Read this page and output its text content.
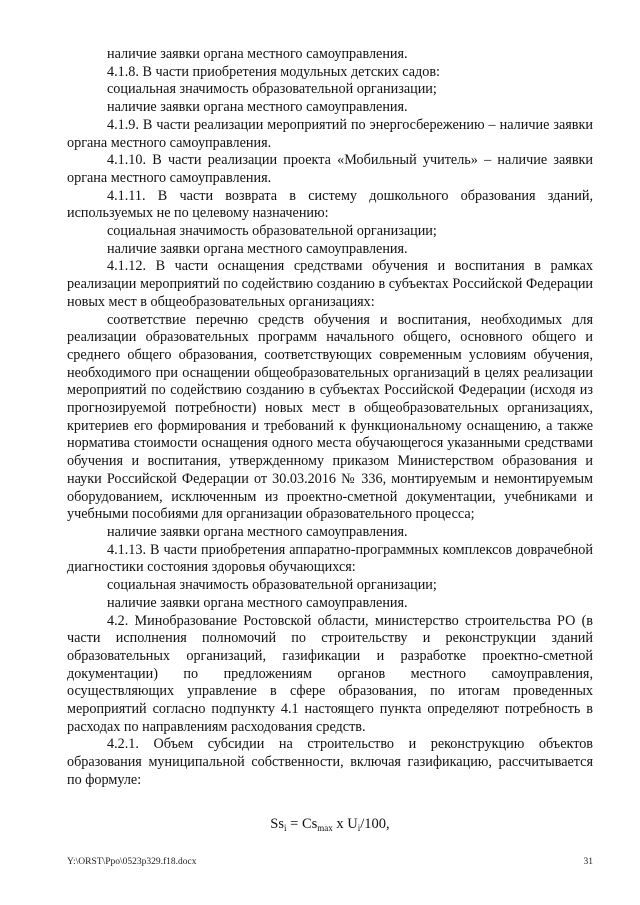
наличие заявки органа местного самоуправления.

4.1.8. В части приобретения модульных детских садов:

социальная значимость образовательной организации;

наличие заявки органа местного самоуправления.

4.1.9. В части реализации мероприятий по энергосбережению – наличие заявки органа местного самоуправления.

4.1.10. В части реализации проекта «Мобильный учитель» – наличие заявки органа местного самоуправления.

4.1.11. В части возврата в систему дошкольного образования зданий, используемых не по целевому назначению:

социальная значимость образовательной организации;

наличие заявки органа местного самоуправления.

4.1.12. В части оснащения средствами обучения и воспитания в рамках реализации мероприятий по содействию созданию в субъектах Российской Федерации новых мест в общеобразовательных организациях:

соответствие перечню средств обучения и воспитания, необходимых для реализации образовательных программ начального общего, основного общего и среднего общего образования, соответствующих современным условиям обучения, необходимого при оснащении общеобразовательных организаций в целях реализации мероприятий по содействию созданию в субъектах Российской Федерации (исходя из прогнозируемой потребности) новых мест в общеобразовательных организациях, критериев его формирования и требований к функциональному оснащению, а также норматива стоимости оснащения одного места обучающегося указанными средствами обучения и воспитания, утвержденному приказом Министерством образования и науки Российской Федерации от 30.03.2016 № 336, монтируемым и немонтируемым оборудованием, исключенным из проектно-сметной документации, учебниками и учебными пособиями для организации образовательного процесса;

наличие заявки органа местного самоуправления.

4.1.13. В части приобретения аппаратно-программных комплексов доврачебной диагностики состояния здоровья обучающихся:

социальная значимость образовательной организации;

наличие заявки органа местного самоуправления.

4.2. Минобразование Ростовской области, министерство строительства РО (в части исполнения полномочий по строительству и реконструкции зданий образовательных организаций, газификации и разработке проектно-сметной документации) по предложениям органов местного самоуправления, осуществляющих управление в сфере образования, по итогам проведенных мероприятий согласно подпункту 4.1 настоящего пункта определяют потребность в расходах по направлениям расходования средств.

4.2.1. Объем субсидии на строительство и реконструкцию объектов образования муниципальной собственности, включая газификацию, рассчитывается по формуле:

$Ss_i = Cs_{max}$ x $U_i/100$,
Y:\ORST\Ppo\0523p329.f18.docx	31
